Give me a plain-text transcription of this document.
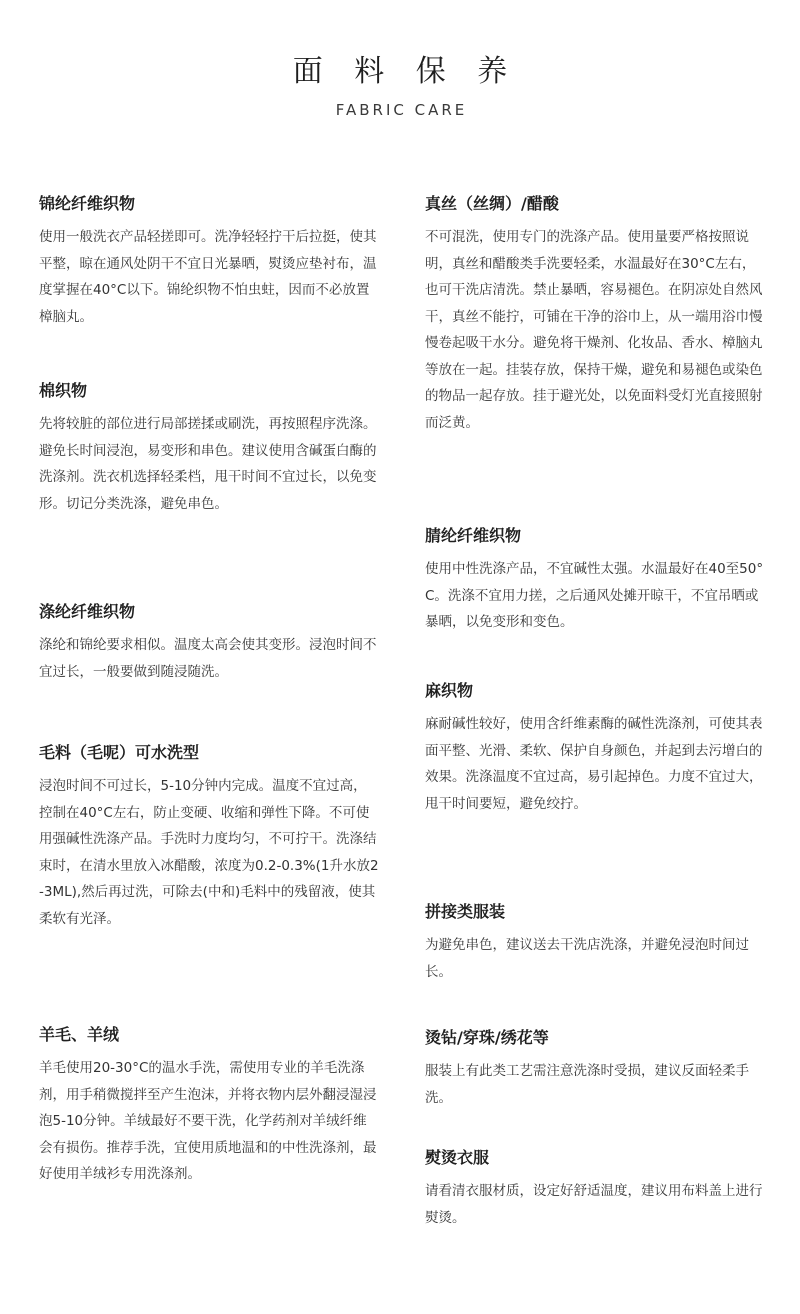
面 料 保 养
FABRIC CARE
锦纶纤维织物

使用一般洗衣产品轻搓即可。洗净轻轻拧干后拉挺，使其平整，晾在通风处阴干不宜日光暴晒，熨烫应垫衬布，温度掌握在40°C以下。锦纶织物不怕虫蛀，因而不必放置樟脑丸。

棉织物

先将较脏的部位进行局部搓揉或刷洗，再按照程序洗涤。避免长时间浸泡，易变形和串色。建议使用含碱蛋白酶的洗涤剂。洗衣机选择轻柔档，甩干时间不宜过长，以免变形。切记分类洗涤，避免串色。

涤纶纤维织物

涤纶和锦纶要求相似。温度太高会使其变形。浸泡时间不宜过长，一般要做到随浸随洗。

毛料（毛呢）可水洗型

浸泡时间不可过长，5-10分钟内完成。温度不宜过高，控制在40°C左右，防止变硬、收缩和弹性下降。不可使用强碱性洗涤产品。手洗时力度均匀，不可拧干。洗涤结束时，在清水里放入冰醋酸，浓度为0.2-0.3%(1升水放2-3ML),然后再过洗，可除去(中和)毛料中的残留液，使其柔软有光泽。

羊毛、羊绒

羊毛使用20-30°C的温水手洗，需使用专业的羊毛洗涤剂，用手稍微搅拌至产生泡沫，并将衣物内层外翻浸湿浸泡5-10分钟。羊绒最好不要干洗，化学药剂对羊绒纤维会有损伤。推荐手洗，宜使用质地温和的中性洗涤剂，最好使用羊绒衫专用洗涤剂。

真丝（丝绸）/醋酸

不可混洗，使用专门的洗涤产品。使用量要严格按照说明，真丝和醋酸类手洗要轻柔，水温最好在30°C左右，也可干洗店清洗。禁止暴晒，容易褪色。在阴凉处自然风干，真丝不能拧，可铺在干净的浴巾上，从一端用浴巾慢慢卷起吸干水分。避免将干燥剂、化妆品、香水、樟脑丸等放在一起。挂装存放，保持干燥，避免和易褪色或染色的物品一起存放。挂于避光处，以免面料受灯光直接照射而泛黄。

腈纶纤维织物

使用中性洗涤产品，不宜碱性太强。水温最好在40至50°C。洗涤不宜用力搓，之后通风处摊开晾干，不宜吊晒或暴晒，以免变形和变色。

麻织物

麻耐碱性较好，使用含纤维素酶的碱性洗涤剂，可使其表面平整、光滑、柔软、保护自身颜色，并起到去污增白的效果。洗涤温度不宜过高，易引起掉色。力度不宜过大，甩干时间要短，避免绞拧。

拼接类服装

为避免串色，建议送去干洗店洗涤，并避免浸泡时间过长。

烫钻/穿珠/绣花等

服装上有此类工艺需注意洗涤时受损，建议反面轻柔手洗。

熨烫衣服

请看清衣服材质，设定好舒适温度，建议用布料盖上进行熨烫。
